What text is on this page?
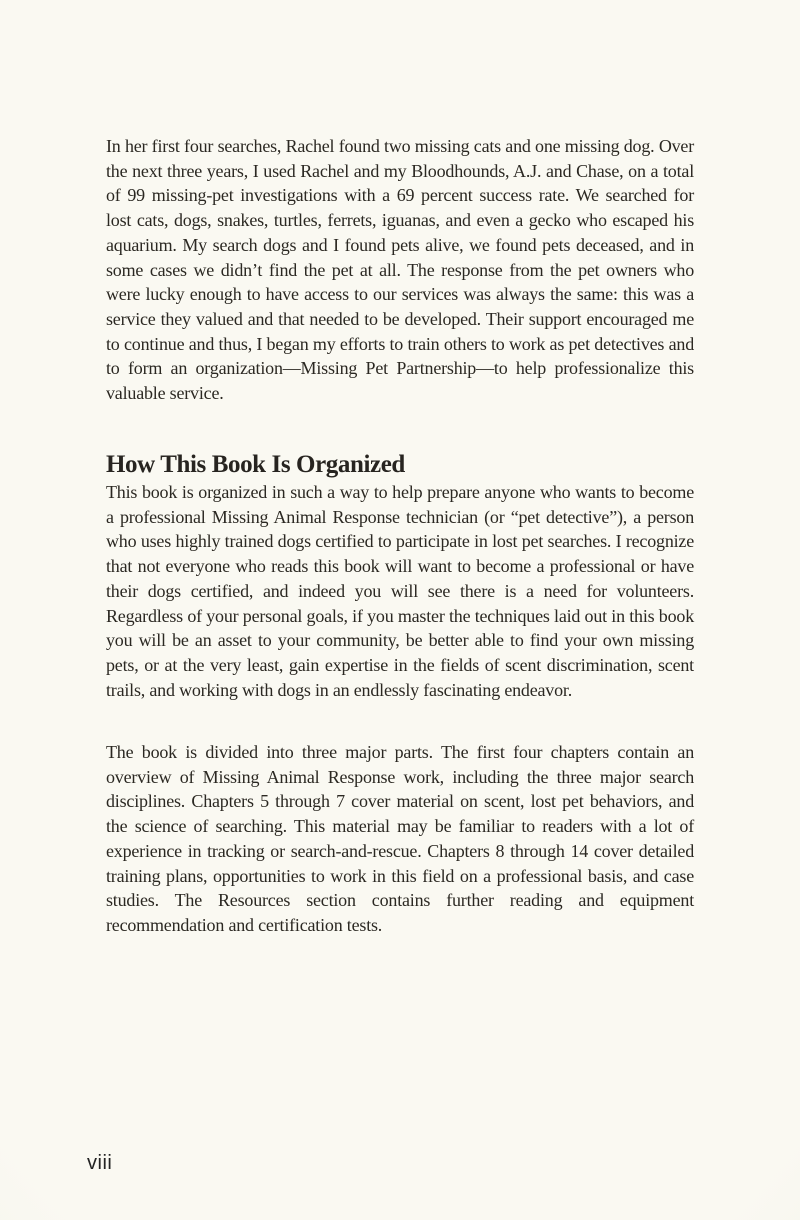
In her first four searches, Rachel found two missing cats and one missing dog. Over the next three years, I used Rachel and my Bloodhounds, A.J. and Chase, on a total of 99 missing-pet investigations with a 69 percent success rate. We searched for lost cats, dogs, snakes, turtles, ferrets, iguanas, and even a gecko who escaped his aquarium. My search dogs and I found pets alive, we found pets deceased, and in some cases we didn’t find the pet at all. The response from the pet owners who were lucky enough to have access to our services was always the same: this was a service they valued and that needed to be developed. Their support encouraged me to continue and thus, I began my efforts to train others to work as pet detectives and to form an organization—Missing Pet Partnership—to help professionalize this valuable service.

How This Book Is Organized

This book is organized in such a way to help prepare anyone who wants to become a professional Missing Animal Response technician (or “pet detective”), a person who uses highly trained dogs certified to participate in lost pet searches. I recognize that not everyone who reads this book will want to become a professional or have their dogs certified, and indeed you will see there is a need for volunteers. Regardless of your personal goals, if you master the techniques laid out in this book you will be an asset to your community, be better able to find your own missing pets, or at the very least, gain expertise in the fields of scent discrimination, scent trails, and working with dogs in an endlessly fascinating endeavor.

The book is divided into three major parts. The first four chapters contain an overview of Missing Animal Response work, including the three major search disciplines. Chapters 5 through 7 cover material on scent, lost pet behaviors, and the science of searching. This material may be familiar to readers with a lot of experience in tracking or search-and-rescue. Chapters 8 through 14 cover detailed training plans, opportunities to work in this field on a professional basis, and case studies. The Resources section contains further reading and equipment recommendation and certification tests.

viii
